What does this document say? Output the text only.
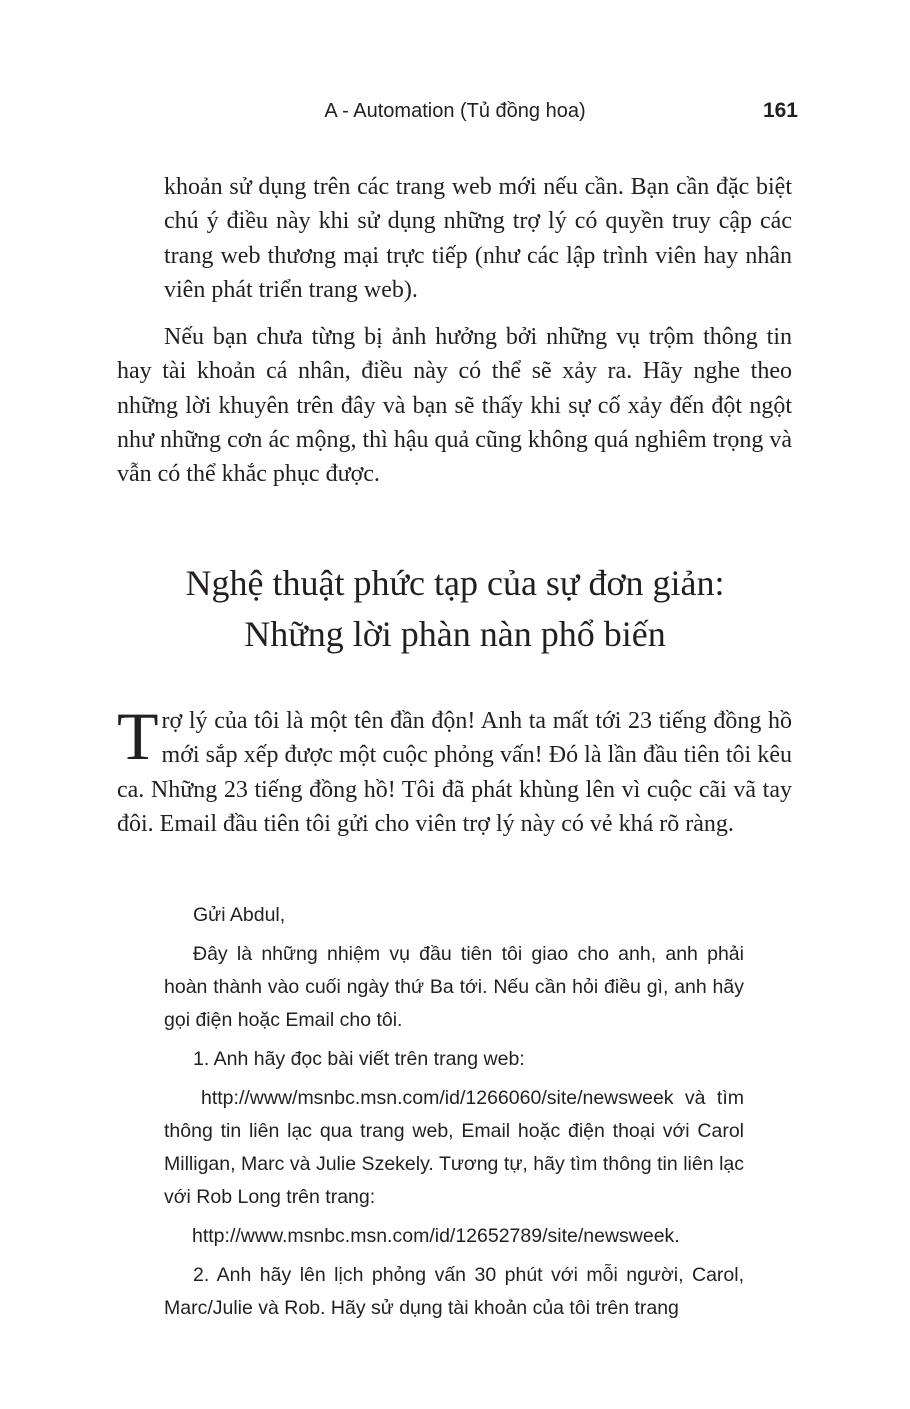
A - Automation (Tủ đồng hoa)	161

khoản sử dụng trên các trang web mới nếu cần. Bạn cần đặc biệt chú ý điều này khi sử dụng những trợ lý có quyền truy cập các trang web thương mại trực tiếp (như các lập trình viên hay nhân viên phát triển trang web).

Nếu bạn chưa từng bị ảnh hưởng bởi những vụ trộm thông tin hay tài khoản cá nhân, điều này có thể sẽ xảy ra. Hãy nghe theo những lời khuyên trên đây và bạn sẽ thấy khi sự cố xảy đến đột ngột như những cơn ác mộng, thì hậu quả cũng không quá nghiêm trọng và vẫn có thể khắc phục được.

Nghệ thuật phức tạp của sự đơn giản:
Những lời phàn nàn phổ biến

Trợ lý của tôi là một tên đần độn! Anh ta mất tới 23 tiếng đồng hồ mới sắp xếp được một cuộc phỏng vấn! Đó là lần đầu tiên tôi kêu ca. Những 23 tiếng đồng hồ! Tôi đã phát khùng lên vì cuộc cãi vã tay đôi. Email đầu tiên tôi gửi cho viên trợ lý này có vẻ khá rõ ràng.

Gửi Abdul,

Đây là những nhiệm vụ đầu tiên tôi giao cho anh, anh phải hoàn thành vào cuối ngày thứ Ba tới. Nếu cần hỏi điều gì, anh hãy gọi điện hoặc Email cho tôi.

1. Anh hãy đọc bài viết trên trang web:

http://www/msnbc.msn.com/id/1266060/site/newsweek và tìm thông tin liên lạc qua trang web, Email hoặc điện thoại với Carol Milligan, Marc và Julie Szekely. Tương tự, hãy tìm thông tin liên lạc với Rob Long trên trang:

http://www.msnbc.msn.com/id/12652789/site/newsweek.

2. Anh hãy lên lịch phỏng vấn 30 phút với mỗi người, Carol, Marc/Julie và Rob. Hãy sử dụng tài khoản của tôi trên trang
